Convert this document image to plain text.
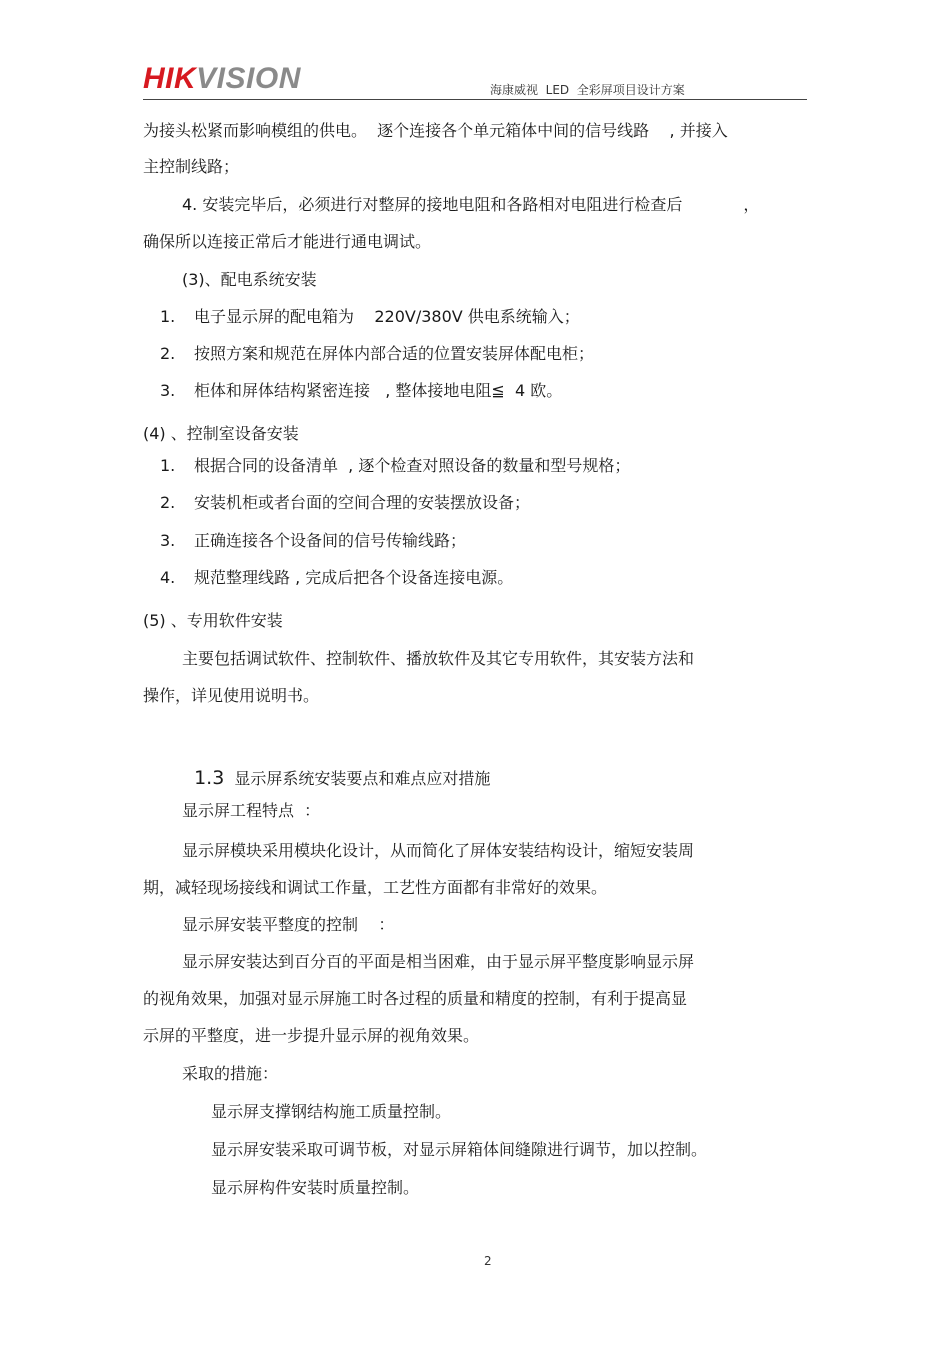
HIKVISION	海康威视  LED  全彩屏项目设计方案
为接头松紧而影响模组的供电。  逐个连接各个单元箱体中间的信号线路    , 并接入
主控制线路；
4. 安装完毕后，必须进行对整屏的接地电阻和各路相对电阻进行检查后            ，
确保所以连接正常后才能进行通电调试。
(3)、配电系统安装
1. 电子显示屏的配电箱为    220V/380V 供电系统输入；
2. 按照方案和规范在屏体内部合适的位置安装屏体配电柜；
3. 柜体和屏体结构紧密连接   , 整体接地电阻≦  4 欧。
(4) 、控制室设备安装
1. 根据合同的设备清单  , 逐个检查对照设备的数量和型号规格；
2. 安装机柜或者台面的空间合理的安装摆放设备；
3. 正确连接各个设备间的信号传输线路；
4. 规范整理线路 , 完成后把各个设备连接电源。
(5) 、专用软件安装
主要包括调试软件、控制软件、播放软件及其它专用软件，其安装方法和
操作，详见使用说明书。

1.3 显示屏系统安装要点和难点应对措施

显示屏工程特点  ：
显示屏模块采用模块化设计，从而简化了屏体安装结构设计，缩短安装周
期，减轻现场接线和调试工作量，工艺性方面都有非常好的效果。
显示屏安装平整度的控制    ：
显示屏安装达到百分百的平面是相当困难，由于显示屏平整度影响显示屏
的视角效果，加强对显示屏施工时各过程的质量和精度的控制，有利于提高显
示屏的平整度，进一步提升显示屏的视角效果。
采取的措施：
显示屏支撑钢结构施工质量控制。
显示屏安装采取可调节板，对显示屏箱体间缝隙进行调节，加以控制。
显示屏构件安装时质量控制。
2
